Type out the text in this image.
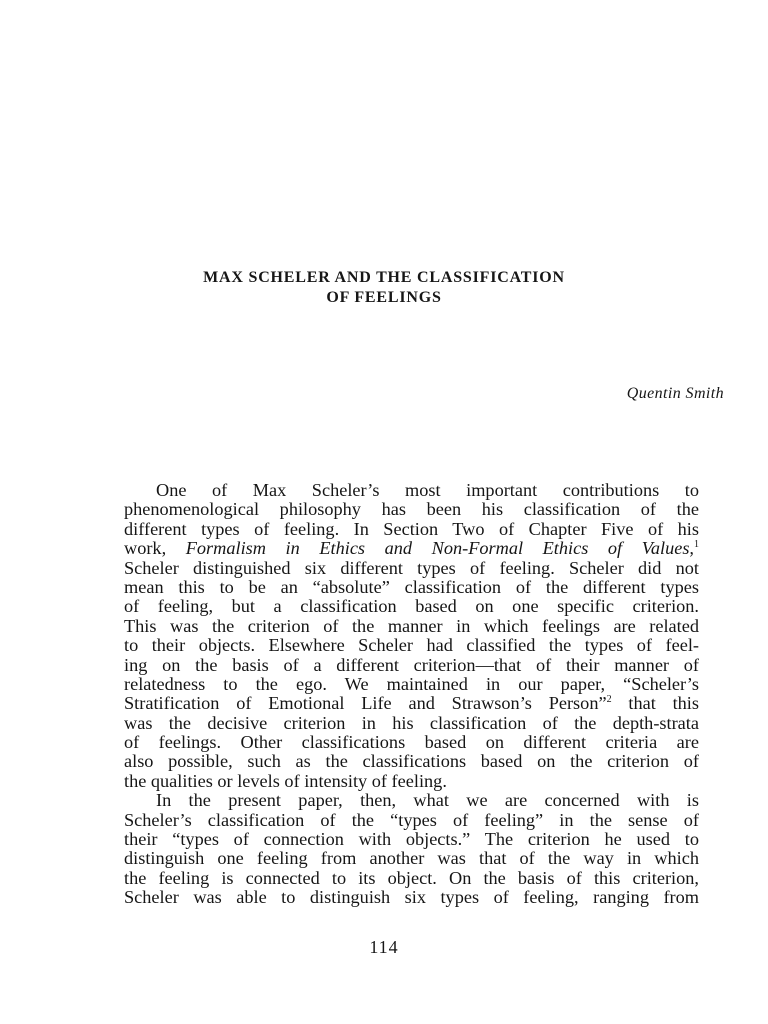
MAX SCHELER AND THE CLASSIFICATION
OF FEELINGS
Quentin Smith
One of Max Scheler’s most important contributions to
phenomenological philosophy has been his classification of the
different types of feeling. In Section Two of Chapter Five of his
work, Formalism in Ethics and Non-Formal Ethics of Values,$^1$
Scheler distinguished six different types of feeling. Scheler did not
mean this to be an “absolute” classification of the different types
of feeling, but a classification based on one specific criterion.
This was the criterion of the manner in which feelings are related
to their objects. Elsewhere Scheler had classified the types of feel-
ing on the basis of a different criterion—that of their manner of
relatedness to the ego. We maintained in our paper, “Scheler’s
Stratification of Emotional Life and Strawson’s Person”$^2$ that this
was the decisive criterion in his classification of the depth-strata
of feelings. Other classifications based on different criteria are
also possible, such as the classifications based on the criterion of
the qualities or levels of intensity of feeling.
In the present paper, then, what we are concerned with is
Scheler’s classification of the “types of feeling” in the sense of
their “types of connection with objects.” The criterion he used to
distinguish one feeling from another was that of the way in which
the feeling is connected to its object. On the basis of this criterion,
Scheler was able to distinguish six types of feeling, ranging from
114
